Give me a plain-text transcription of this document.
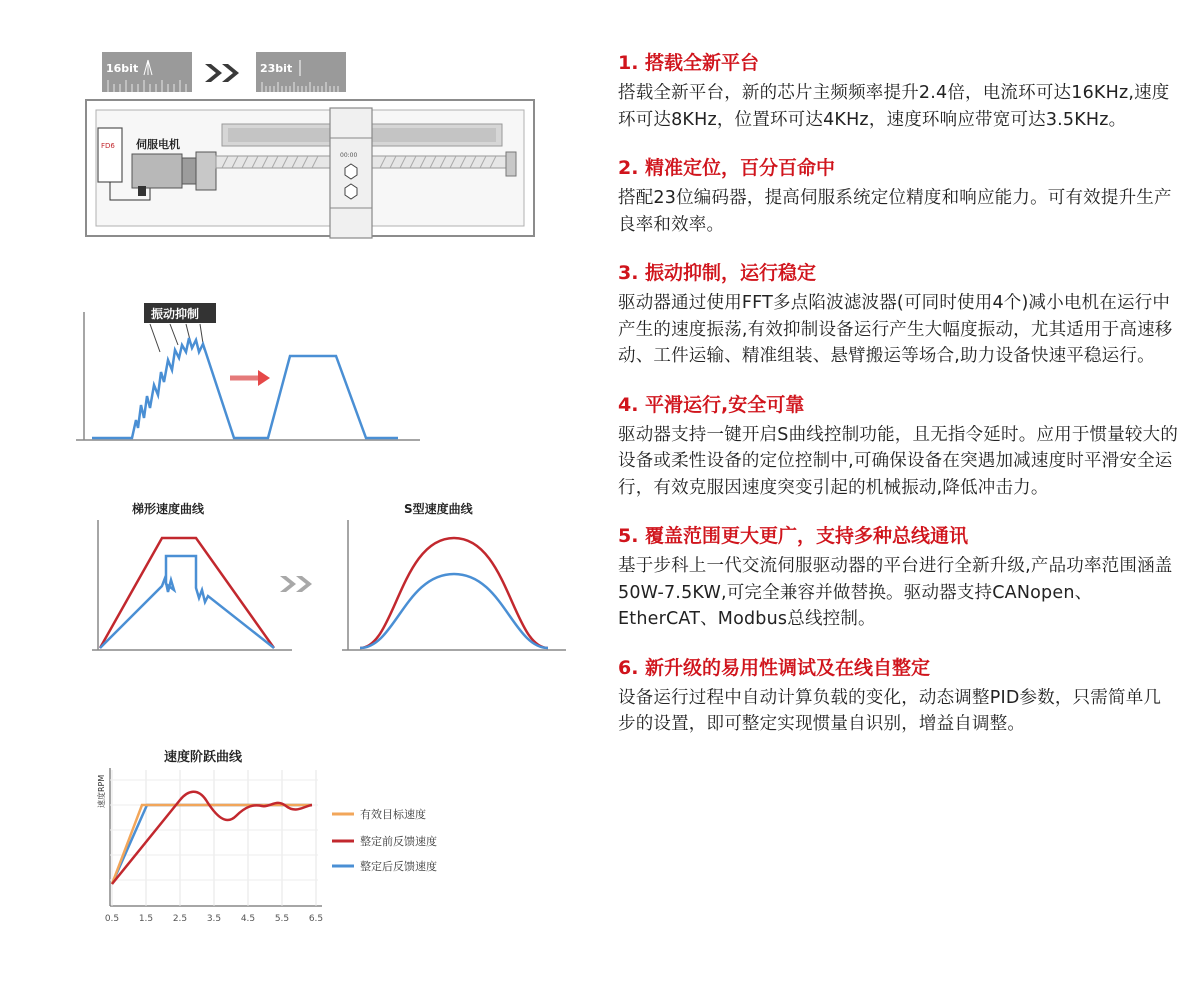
16bit	23bit
FD6 伺服电机
00:00
振动抑制
梯形速度曲线	S型速度曲线
速度阶跃曲线
速度RPM
0.5 1.5 2.5 3.5 4.5 5.5 6.5
有效目标速度
整定前反馈速度
整定后反馈速度
1. 搭载全新平台

搭载全新平台，新的芯片主频频率提升2.4倍，电流环可达16KHz,速度环可达8KHz，位置环可达4KHz，速度环响应带宽可达3.5KHz。

2. 精准定位，百分百命中

搭配23位编码器，提高伺服系统定位精度和响应能力。可有效提升生产良率和效率。

3. 振动抑制，运行稳定

驱动器通过使用FFT多点陷波滤波器(可同时使用4个)减小电机在运行中产生的速度振荡,有效抑制设备运行产生大幅度振动，尤其适用于高速移动、工件运输、精准组装、悬臂搬运等场合,助力设备快速平稳运行。

4. 平滑运行,安全可靠

驱动器支持一键开启S曲线控制功能，且无指令延时。应用于惯量较大的设备或柔性设备的定位控制中,可确保设备在突遇加减速度时平滑安全运行，有效克服因速度突变引起的机械振动,降低冲击力。

5. 覆盖范围更大更广，支持多种总线通讯

基于步科上一代交流伺服驱动器的平台进行全新升级,产品功率范围涵盖50W-7.5KW,可完全兼容并做替换。驱动器支持CANopen、EtherCAT、Modbus总线控制。

6. 新升级的易用性调试及在线自整定

设备运行过程中自动计算负载的变化，动态调整PID参数，只需简单几步的设置，即可整定实现惯量自识别，增益自调整。
